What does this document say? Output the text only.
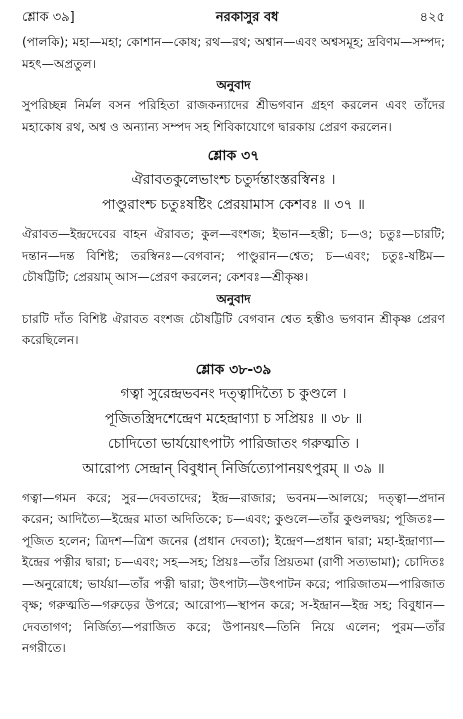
শ্লোক ৩৯]	নরকাসুর বধ	৪২৫

(পালকি); মহা—মহা; কোশান—কোষ; রথ—রথ; অশ্বান—এবং অশ্বসমূহ; দ্রবিণম—সম্পদ; মহৎ—অপ্রতুল।

অনুবাদ

সুপরিচ্ছন্ন নির্মল বসন পরিহিতা রাজকন্যাদের শ্রীভগবান গ্রহণ করলেন এবং তাঁদের মহাকোষ রথ, অশ্ব ও অন্যান্য সম্পদ সহ শিবিকাযোগে দ্বারকায় প্রেরণ করলেন।

শ্লোক ৩৭

ঐরাবতকুলেভাংশ্চ চতুর্দন্তাংস্তরস্বিনঃ ।

পাণ্ডুরাংশ্চ চতুঃষষ্টিং প্রেরয়ামাস কেশবঃ ॥ ৩৭ ॥

ঐরাবত—ইন্দ্রদেবের বাহন ঐরাবত; কুল—বংশজ; ইভান—হস্তী; চ—ও; চতুঃ—চারটি; দন্তান—দন্ত বিশিষ্ট; তরস্বিনঃ—বেগবান; পাণ্ডুরান—শ্বেত; চ—এবং; চতুঃ-ষষ্টিম—চৌষট্টিটি; প্রেরয়াম্‌ আস—প্রেরণ করলেন; কেশবঃ—শ্রীকৃষ্ণ।

অনুবাদ

চারটি দাঁত বিশিষ্ট ঐরাবত বংশজ চৌষট্টিটি বেগবান শ্বেত হস্তীও ভগবান শ্রীকৃষ্ণ প্রেরণ করেছিলেন।

শ্লোক ৩৮-৩৯

গত্বা সুরেন্দ্রভবনং দত্ত্বাদিত্যৈ চ কুণ্ডলে ।

পূজিতস্ত্রিদশেন্দ্রেণ মহেন্দ্রাণ্যা চ সপ্রিয়ঃ ॥ ৩৮ ॥

চোদিতো ভার্যয়োৎপাট্য পারিজাতং গরুত্মতি ।

আরোপ্য সেন্দ্রান্‌ বিবুধান্‌ নির্জিত্যোপানয়ৎপুরম্‌ ॥ ৩৯ ॥

গত্বা—গমন করে; সুর—দেবতাদের; ইন্দ্র—রাজার; ভবনম—আলয়ে; দত্ত্বা—প্রদান করেন; আদিত্যৈ—ইন্দ্রের মাতা অদিতিকে; চ—এবং; কুণ্ডলে—তাঁর কুণ্ডলদ্বয়; পূজিতঃ—পূজিত হলেন; ত্রিদশ—ত্রিশ জনের (প্রধান দেবতা); ইন্দ্রেণ—প্রধান দ্বারা; মহা-ইন্দ্রাণ্যা—ইন্দ্রের পত্নীর দ্বারা; চ—এবং; সহ—সহ; প্রিয়ঃ—তাঁর প্রিয়তমা (রাণী সত্যভামা); চোদিতঃ—অনুরোধে; ভার্যয়া—তাঁর পত্নী দ্বারা; উৎপাট্য—উৎপাটন করে; পারিজাতম—পারিজাত বৃক্ষ; গরুত্মতি—গরুড়ের উপরে; আরোপ্য—স্থাপন করে; স-ইন্দ্রান—ইন্দ্র সহ; বিবুধান—দেবতাগণ; নির্জিত্য—পরাজিত করে; উপানয়ৎ—তিনি নিয়ে এলেন; পুরম—তাঁর নগরীতে।
